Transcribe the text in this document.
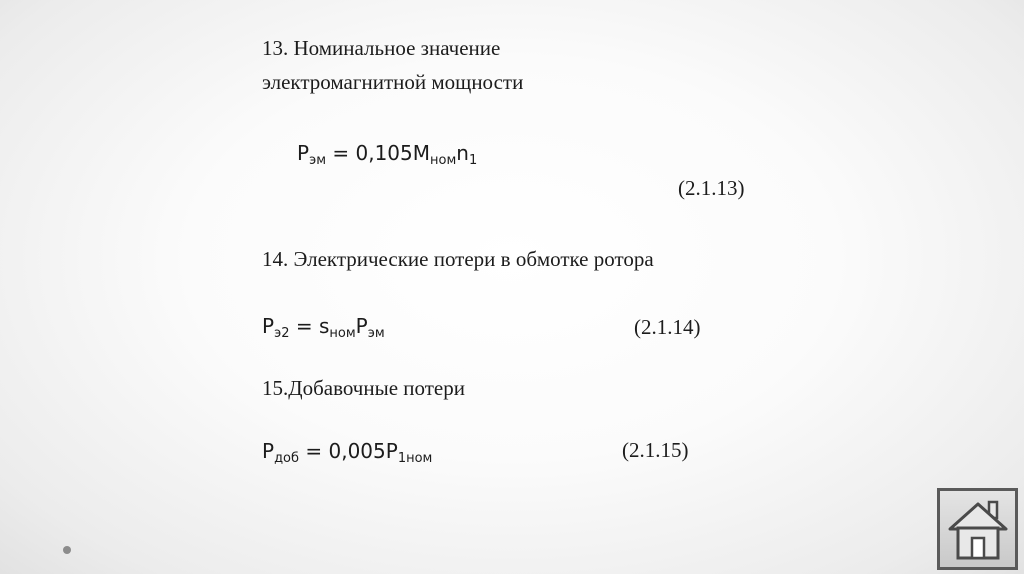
13. Номинальное значение
электромагнитной мощности
$P_{эм} = 0,105M_{ном}n_1$
(2.1.13)
14. Электрические потери в обмотке ротора
$P_{э2} = s_{ном}P_{эм}$	(2.1.14)
15.Добавочные потери
$P_{доб} = 0,005P_{1ном}$	(2.1.15)
